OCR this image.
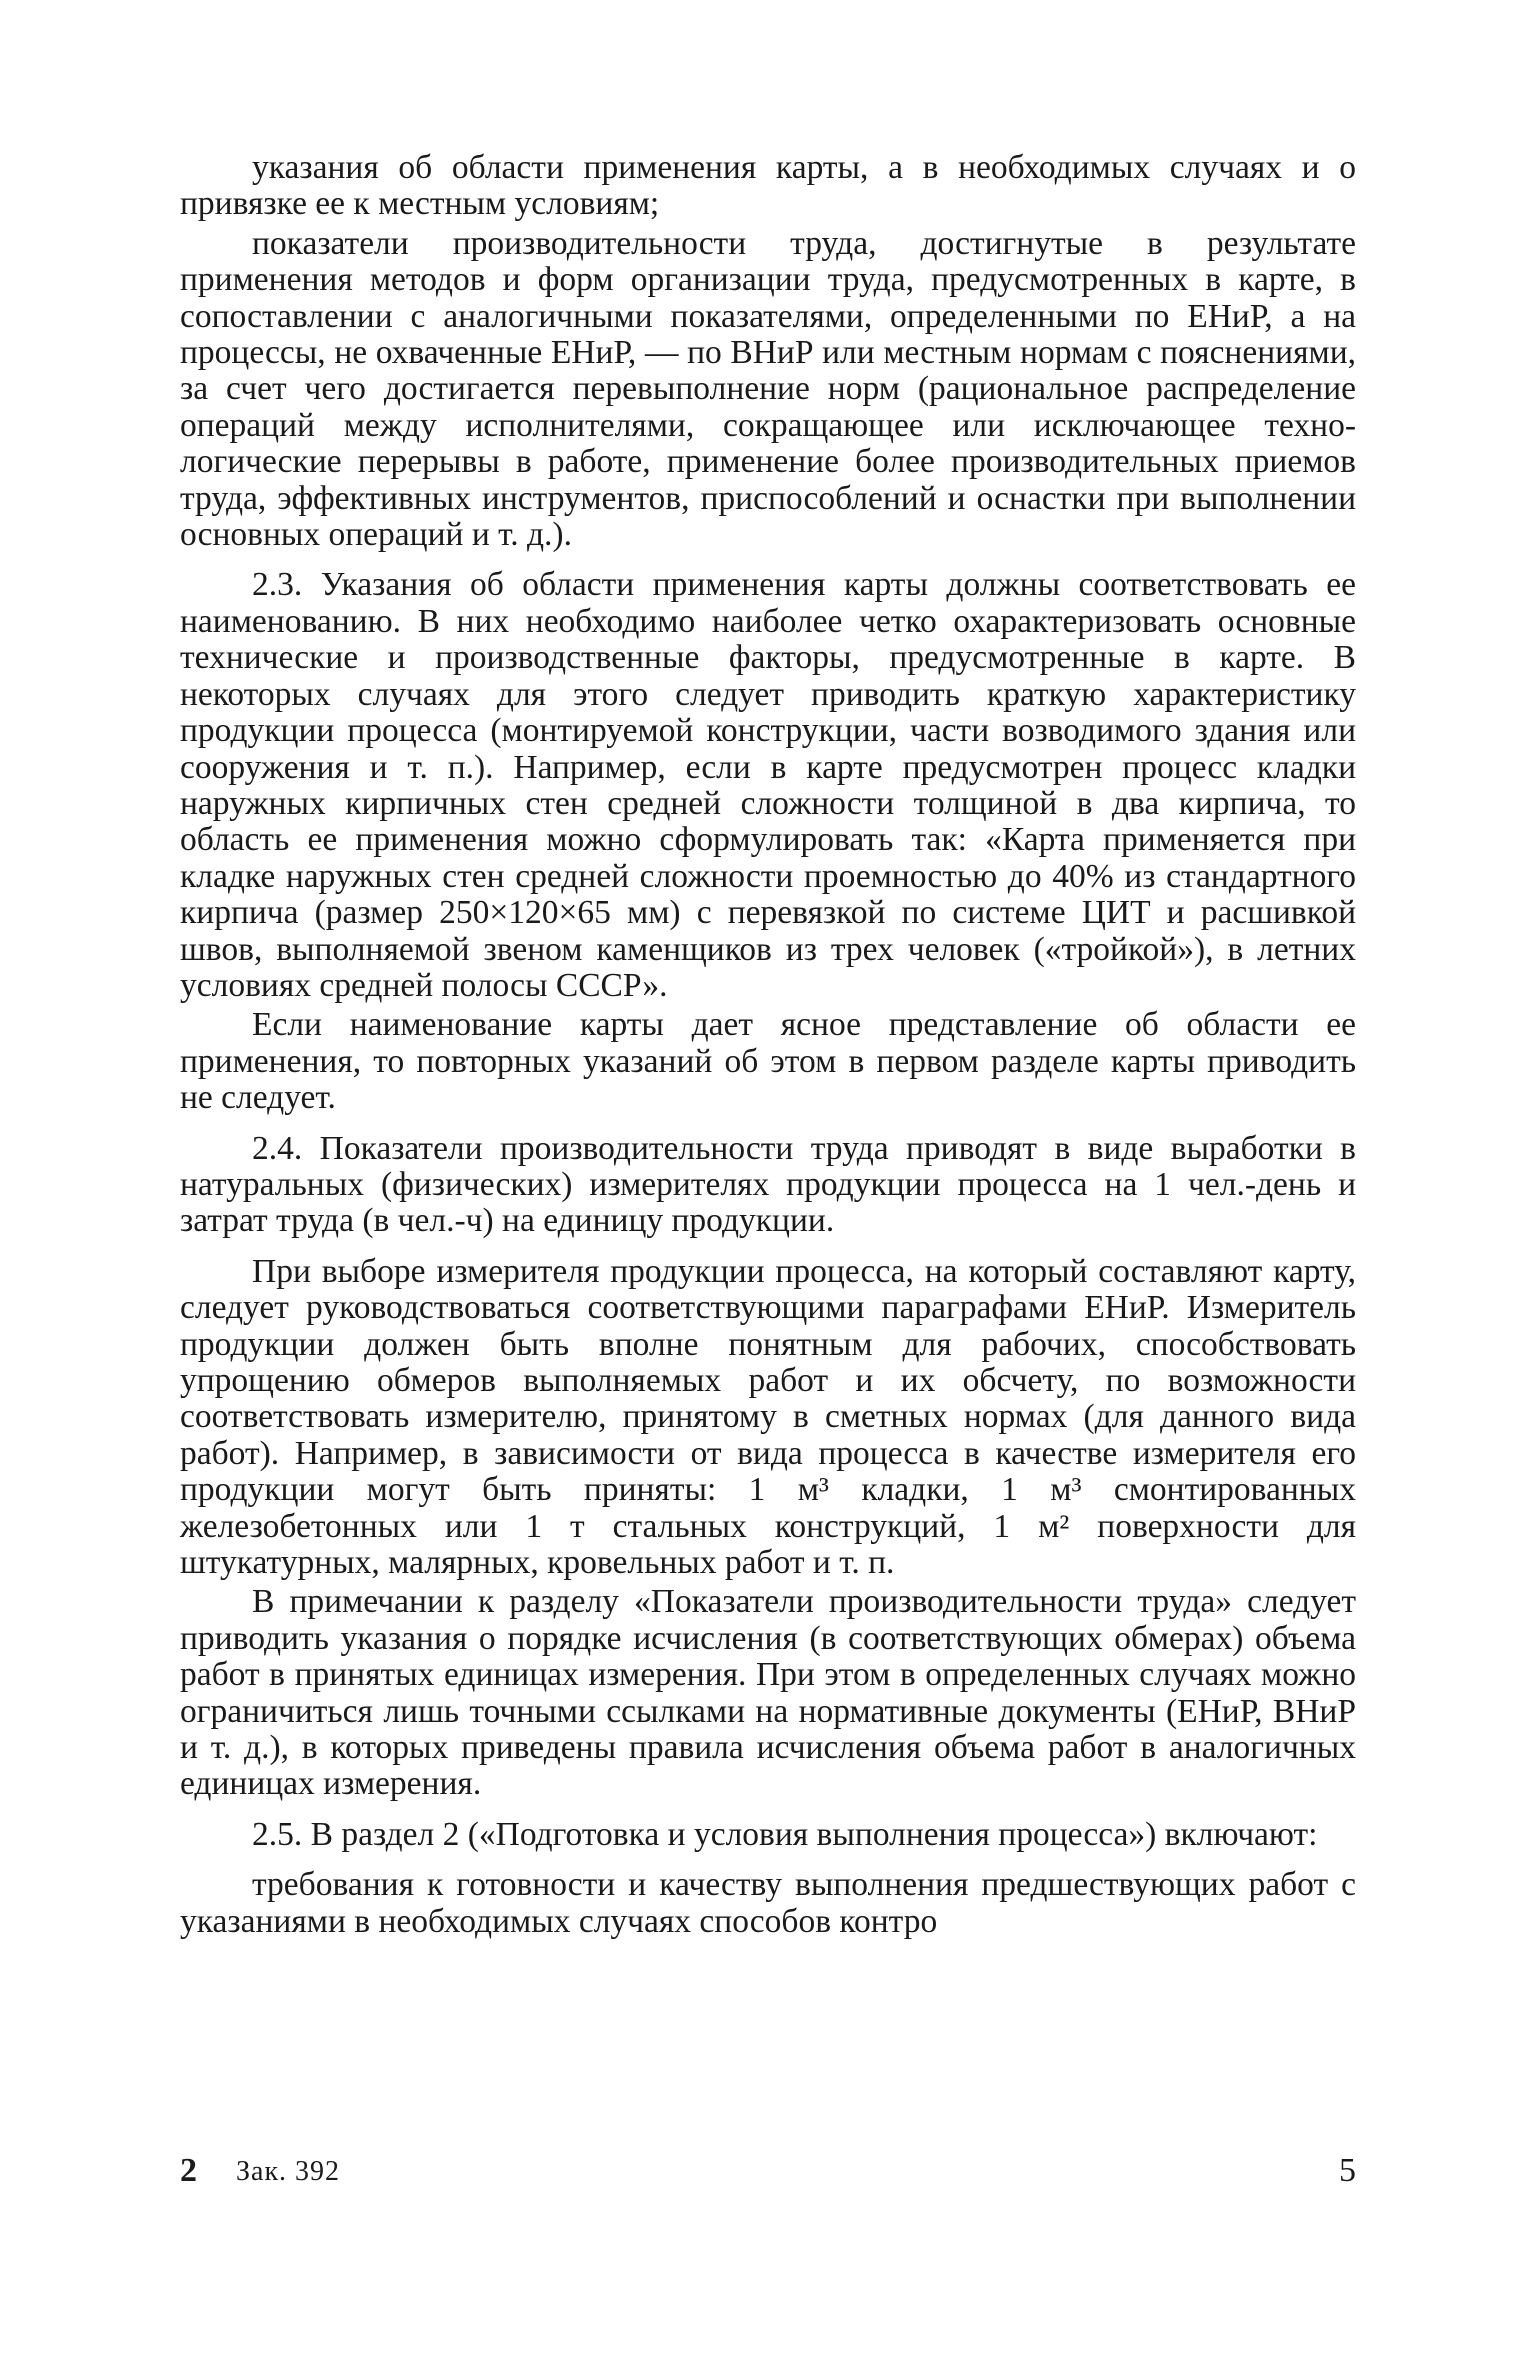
указания об области применения карты, а в необходимых случаях и о привязке ее к местным условиям;

показатели производительности труда, достигнутые в результате применения методов и форм организации труда, предусмотренных в карте, в сопоставлении с аналогичными показателями, определенными по ЕНиР, а на процессы, не охваченные ЕНиР, — по ВНиР или местным нормам с пояснениями, за счет чего достигается перевыполнение норм (рациональное распределение операций между исполнителями, сокращающее или исключающее технологические перерывы в работе, применение более производительных приемов труда, эффективных инструментов, приспособлений и оснастки при выполнении основных операций и т. д.).

2.3. Указания об области применения карты должны соответствовать ее наименованию. В них необходимо наиболее четко охарактеризовать основные технические и производственные факторы, предусмотренные в карте. В некоторых случаях для этого следует приводить краткую характеристику продукции процесса (монтируемой конструкции, части возводимого здания или сооружения и т. п.). Например, если в карте предусмотрен процесс кладки наружных кирпичных стен средней сложности толщиной в два кирпича, то область ее применения можно сформулировать так: «Карта применяется при кладке наружных стен средней сложности проемностью до 40% из стандартного кирпича (размер 250×120×65 мм) с перевязкой по системе ЦИТ и расшивкой швов, выполняемой звеном каменщиков из трех человек («тройкой»), в летних условиях средней полосы СССР».

Если наименование карты дает ясное представление об области ее применения, то повторных указаний об этом в первом разделе карты приводить не следует.

2.4. Показатели производительности труда приводят в виде выработки в натуральных (физических) измерителях продукции процесса на 1 чел.-день и затрат труда (в чел.-ч) на единицу продукции.

При выборе измерителя продукции процесса, на который составляют карту, следует руководствоваться соответствующими параграфами ЕНиР. Измеритель продукции должен быть вполне понятным для рабочих, способствовать упрощению обмеров выполняемых работ и их обсчету, по возможности соответствовать измерителю, принятому в сметных нормах (для данного вида работ). Например, в зависимости от вида процесса в качестве измерителя его продукции могут быть приняты: 1 м³ кладки, 1 м³ смонтированных железобетонных или 1 т стальных конструкций, 1 м² поверхности для штукатурных, малярных, кровельных работ и т. п.

В примечании к разделу «Показатели производительности труда» следует приводить указания о порядке исчисления (в соответствующих обмерах) объема работ в принятых единицах измерения. При этом в определенных случаях можно ограничиться лишь точными ссылками на нормативные документы (ЕНиР, ВНиР и т. д.), в которых приведены правила исчисления объема работ в аналогичных единицах измерения.

2.5. В раздел 2 («Подготовка и условия выполнения процесса») включают:

требования к готовности и качеству выполнения предшествующих работ с указаниями в необходимых случаях способов контро

2 Зак. 392	5
